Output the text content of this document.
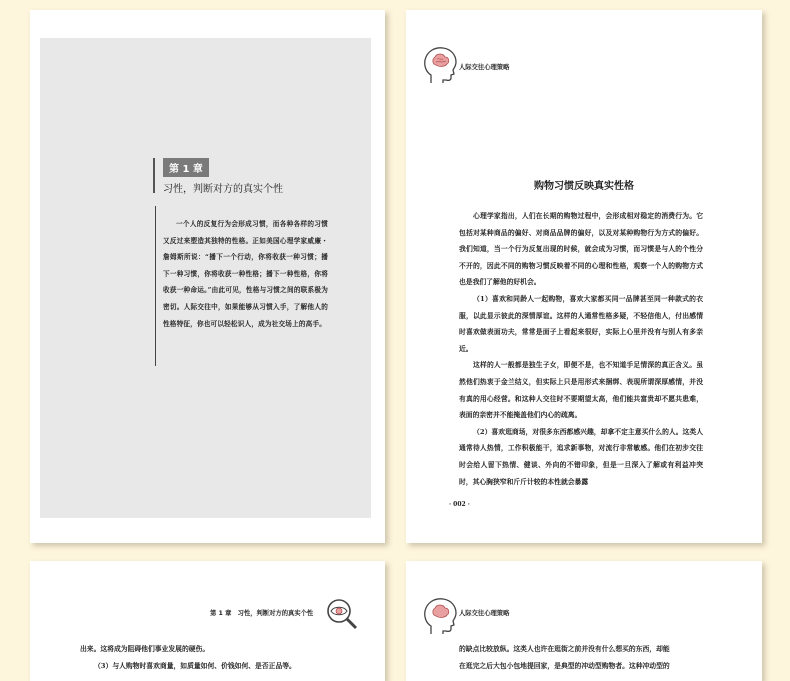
第 1 章
习性，判断对方的真实个性
一个人的反复行为会形成习惯，而各种各样的习惯又反过来塑造其独特的性格。正如美国心理学家威廉・詹姆斯所说：“播下一个行动，你将收获一种习惯；播下一种习惯，你将收获一种性格；播下一种性格，你将收获一种命运。”由此可见，性格与习惯之间的联系极为密切。人际交往中，如果能够从习惯入手，了解他人的性格特征，你也可以轻松识人，成为社交场上的高手。
人际交往心理策略
购物习惯反映真实性格

心理学家指出，人们在长期的购物过程中，会形成相对稳定的消费行为。它包括对某种商品的偏好、对商品品牌的偏好，以及对某种购物行为方式的偏好。我们知道，当一个行为反复出现的时候，就会成为习惯，而习惯是与人的个性分不开的，因此不同的购物习惯反映着不同的心理和性格，观察一个人的购物方式也是我们了解他的好机会。

（1）喜欢和同龄人一起购物，喜欢大家都买同一品牌甚至同一种款式的衣服，以此显示彼此的深情厚谊。这样的人通常性格多疑，不轻信他人，付出感情时喜欢做表面功夫，常常是面子上看起来很好，实际上心里并没有与别人有多亲近。

这样的人一般都是独生子女，即便不是，也不知道手足情深的真正含义。虽然他们热衷于金兰结义，但实际上只是用形式来捆绑、表现所谓深厚感情，并没有真的用心经营。和这种人交往时不要期望太高，他们能共富贵却不愿共患难，表面的亲密并不能掩盖他们内心的疏离。

（2）喜欢逛商场，对很多东西都感兴趣，却拿不定主意买什么的人。这类人通常待人热情，工作积极能干，追求新事物，对流行非常敏感。他们在初步交往时会给人留下热情、健谈、外向的不错印象，但是一旦深入了解或有利益冲突时，其心胸狭窄和斤斤计较的本性就会暴露

· 002 ·
第 1 章　习性，判断对方的真实个性

出来。这将成为阻碍他们事业发展的硬伤。

（3）与人购物时喜欢商量，如质量如何、价钱如何、是否正品等。

人际交往心理策略

的缺点比较放纵。这类人也许在逛街之前并没有什么想买的东西，却能

在逛完之后大包小包地提回家，是典型的冲动型购物者。这种冲动型的
